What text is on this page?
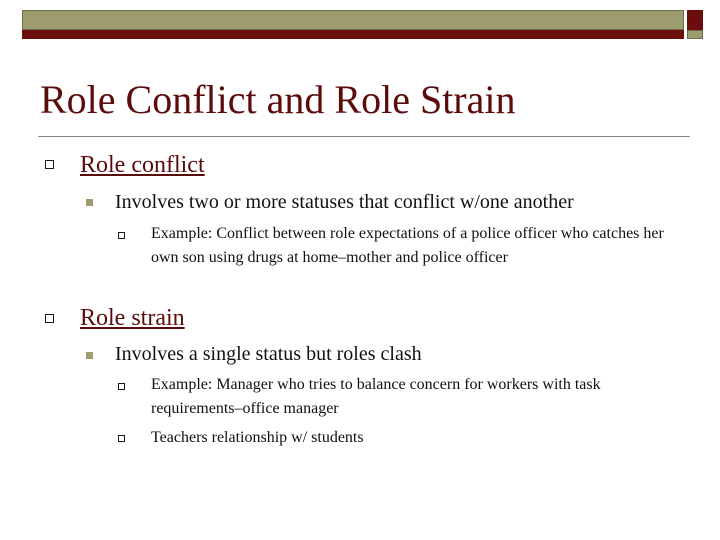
Role Conflict and Role Strain
Role conflict
Involves two or more statuses that conflict w/one another
Example: Conflict between role expectations of a police officer who catches her own son using drugs at home–mother and police officer
Role strain
Involves a single status but roles clash
Example: Manager who tries to balance concern for workers with task requirements–office manager
Teachers relationship w/ students
